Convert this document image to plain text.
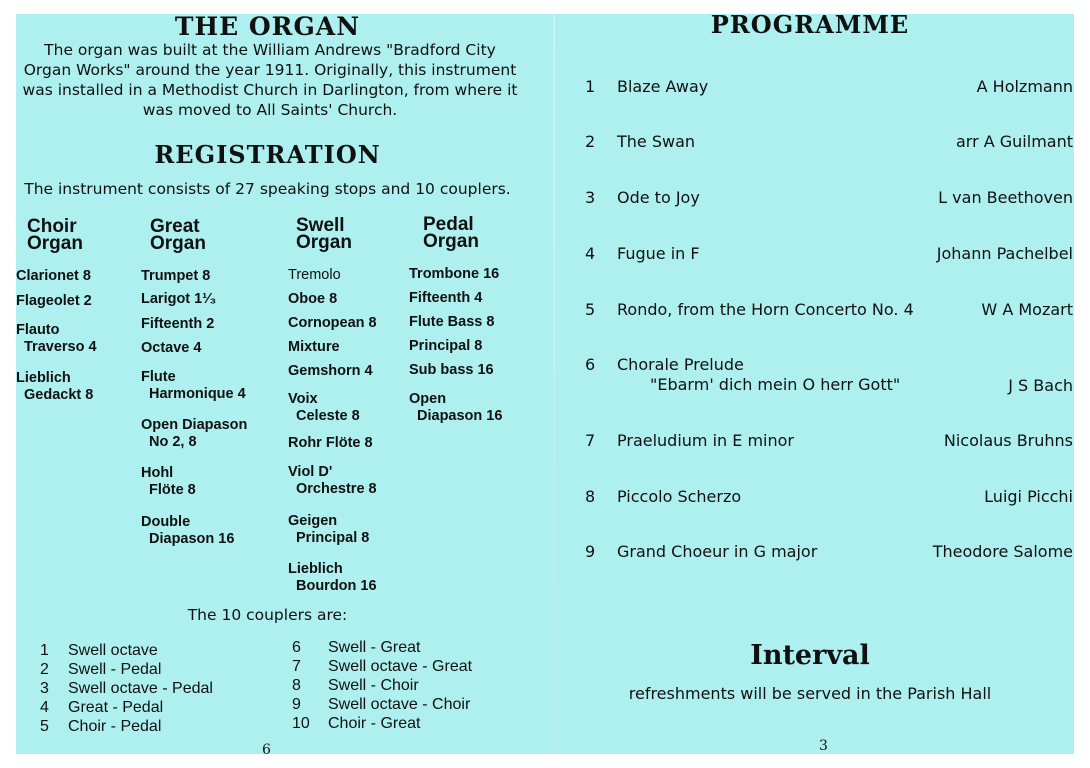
THE ORGAN
The organ was built at the William Andrews "Bradford City Organ Works" around the year 1911. Originally, this instrument was installed in a Methodist Church in Darlington, from where it was moved to All Saints' Church.
REGISTRATION
The instrument consists of 27 speaking stops and 10 couplers.
Choir
Organ
Clarionet 8
Flageolet 2
Flauto
Traverso 4
Lieblich
Gedackt 8
Great
Organ
Trumpet 8
Larigot 1¹⁄₃
Fifteenth 2
Octave 4
Flute
Harmonique 4
Open Diapason
No 2, 8
Hohl
Flöte 8
Double
Diapason 16
Swell
Organ
Tremolo
Oboe 8
Cornopean 8
Mixture
Gemshorn 4
Voix
Celeste 8
Rohr Flöte 8
Viol D'
Orchestre 8
Geigen
Principal 8
Lieblich
Bourdon 16
Pedal
Organ
Trombone 16
Fifteenth 4
Flute Bass 8
Principal 8
Sub bass 16
Open
Diapason 16
The 10 couplers are:
1 Swell octave
2 Swell - Pedal
3 Swell octave - Pedal
4 Great - Pedal
5 Choir - Pedal
6 Swell - Great
7 Swell octave - Great
8 Swell - Choir
9 Swell octave - Choir
10 Choir - Great
6
PROGRAMME
1 Blaze Away	A Holzmann
2 The Swan	arr A Guilmant
3 Ode to Joy	L van Beethoven
4 Fugue in F	Johann Pachelbel
5 Rondo, from the Horn Concerto No. 4	W A Mozart
6 Chorale Prelude
"Ebarm' dich mein O herr Gott"	J S Bach
7 Praeludium in E minor	Nicolaus Bruhns
8 Piccolo Scherzo	Luigi Picchi
9 Grand Choeur in G major	Theodore Salome
Interval
refreshments will be served in the Parish Hall
3
